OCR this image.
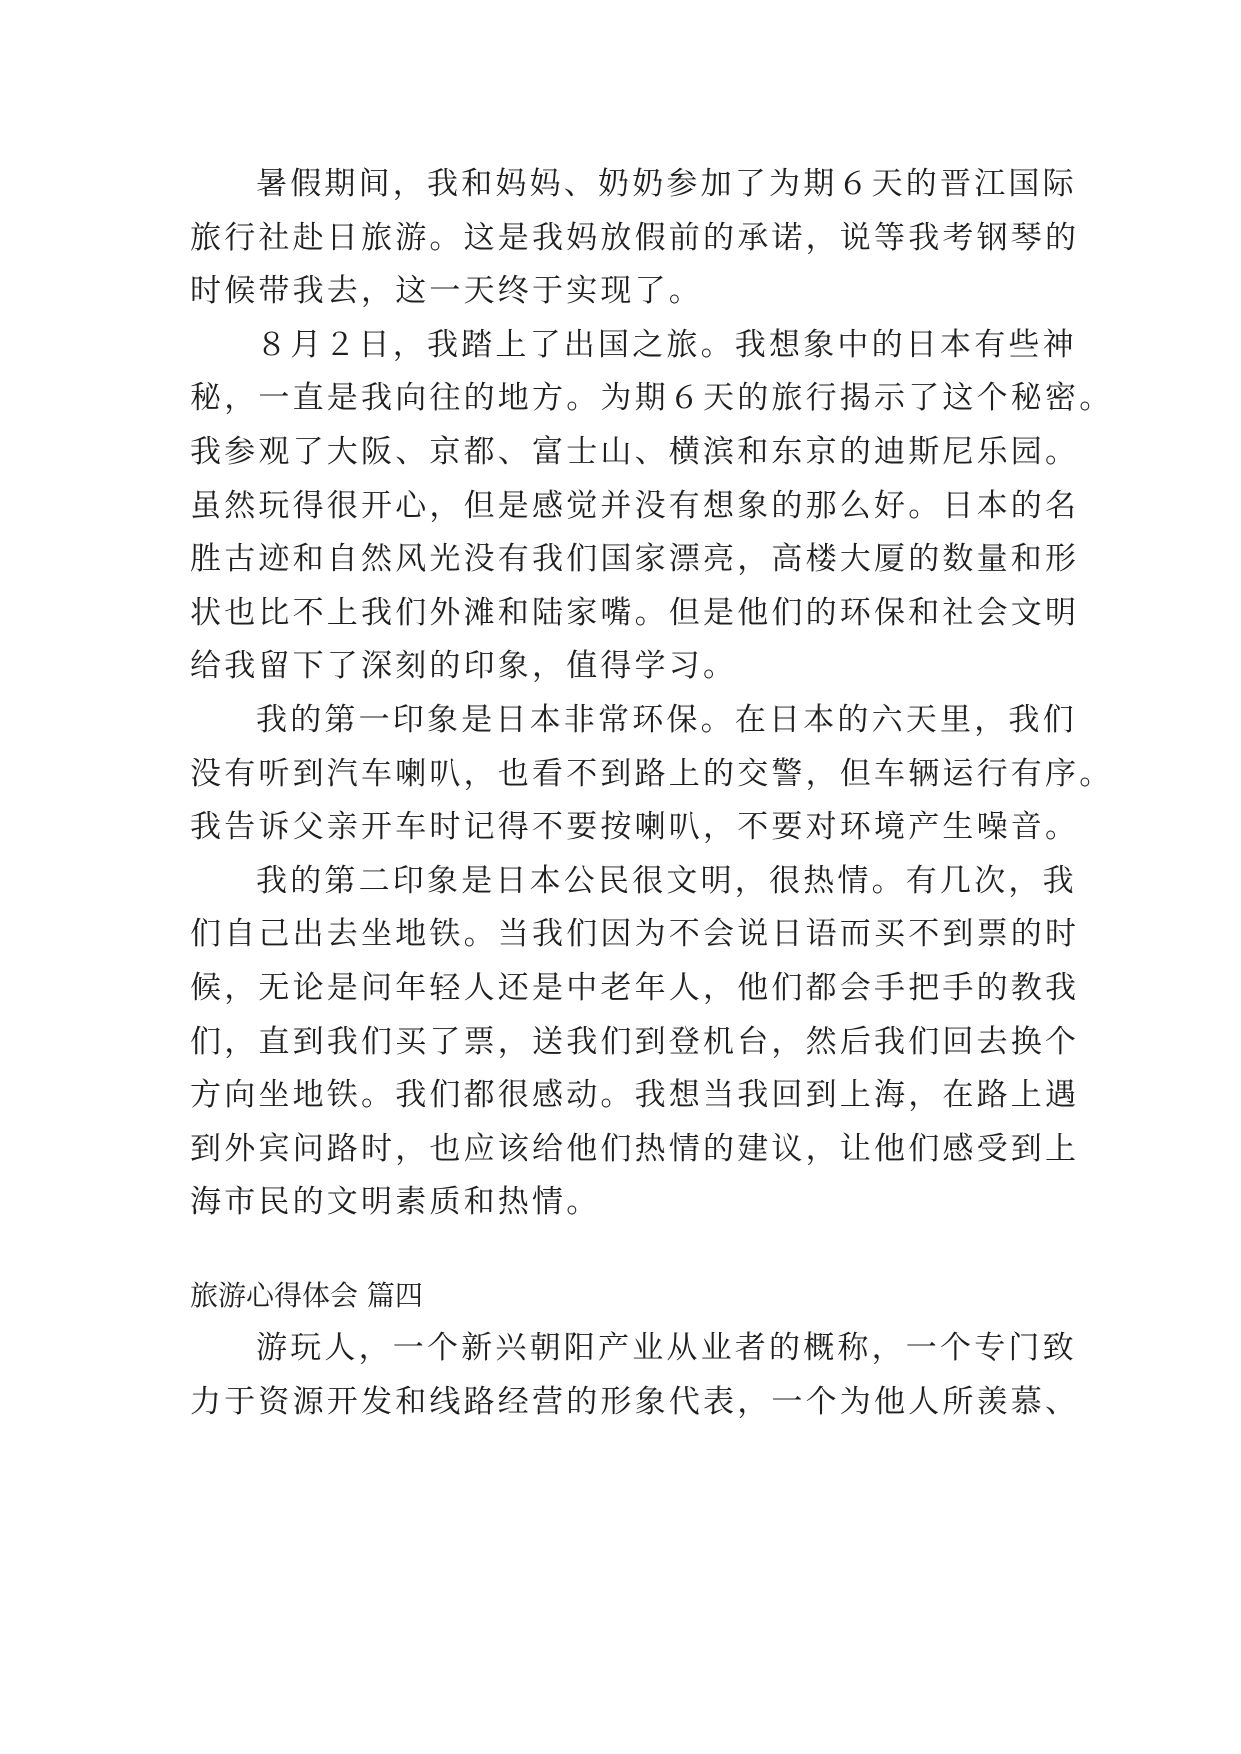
暑假期间，我和妈妈、奶奶参加了为期６天的晋江国际
旅行社赴日旅游。这是我妈放假前的承诺，说等我考钢琴的
时候带我去，这一天终于实现了。
８月２日，我踏上了出国之旅。我想象中的日本有些神
秘，一直是我向往的地方。为期６天的旅行揭示了这个秘密。
我参观了大阪、京都、富士山、横滨和东京的迪斯尼乐园。
虽然玩得很开心，但是感觉并没有想象的那么好。日本的名
胜古迹和自然风光没有我们国家漂亮，高楼大厦的数量和形
状也比不上我们外滩和陆家嘴。但是他们的环保和社会文明
给我留下了深刻的印象，值得学习。
我的第一印象是日本非常环保。在日本的六天里，我们
没有听到汽车喇叭，也看不到路上的交警，但车辆运行有序。
我告诉父亲开车时记得不要按喇叭，不要对环境产生噪音。
我的第二印象是日本公民很文明，很热情。有几次，我
们自己出去坐地铁。当我们因为不会说日语而买不到票的时
候，无论是问年轻人还是中老年人，他们都会手把手的教我
们，直到我们买了票，送我们到登机台，然后我们回去换个
方向坐地铁。我们都很感动。我想当我回到上海，在路上遇
到外宾问路时，也应该给他们热情的建议，让他们感受到上
海市民的文明素质和热情。
旅游心得体会 篇四
游玩人，一个新兴朝阳产业从业者的概称，一个专门致
力于资源开发和线路经营的形象代表，一个为他人所羡慕、
